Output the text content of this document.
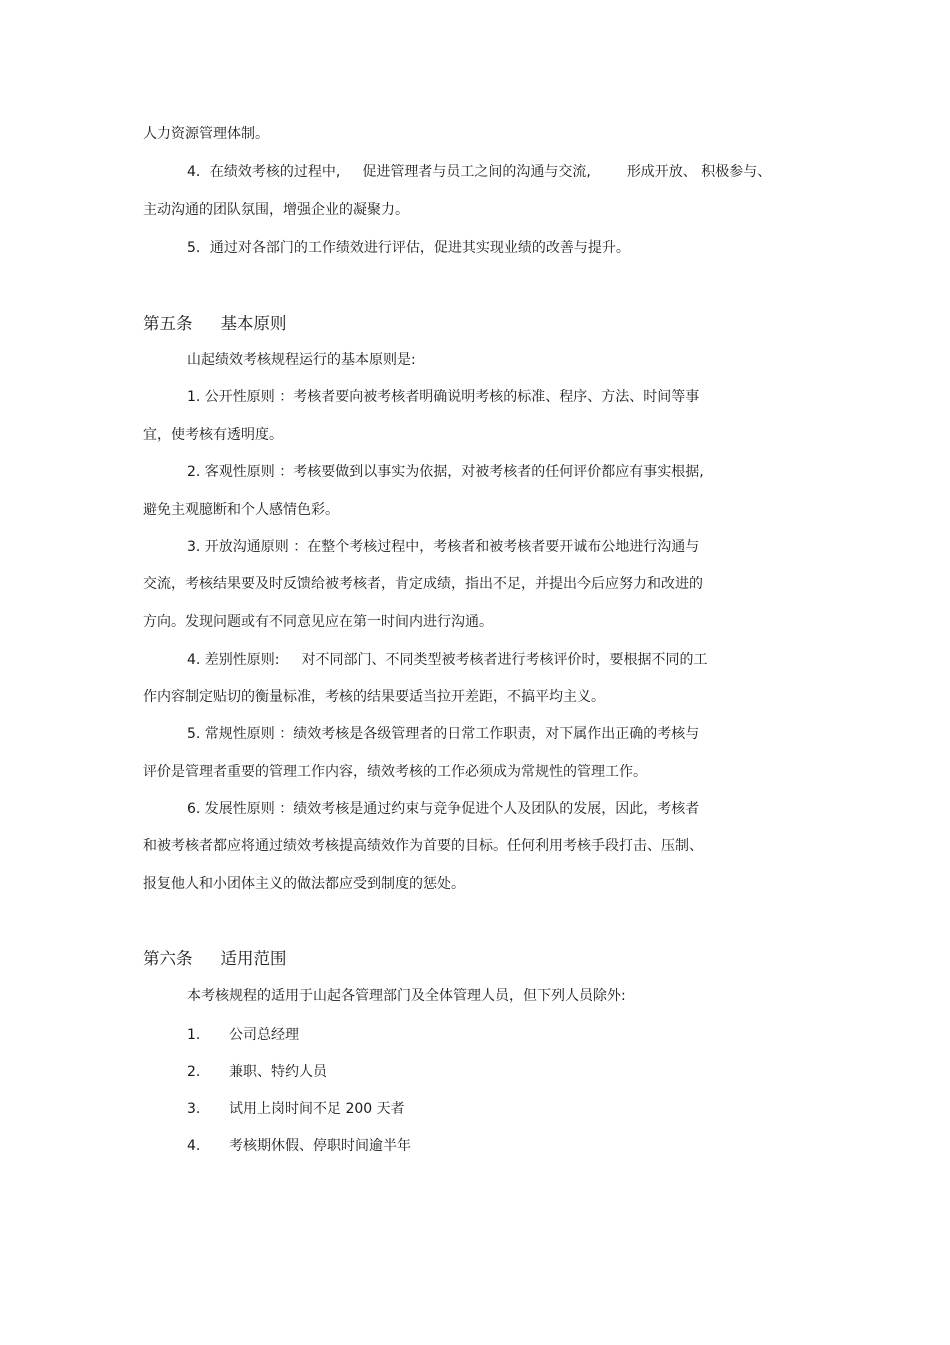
人力资源管理体制。
4．在绩效考核的过程中, 促进管理者与员工之间的沟通与交流,	形成开放、 积极参与、
主动沟通的团队氛围，增强企业的凝聚力。
5．通过对各部门的工作绩效进行评估，促进其实现业绩的改善与提升。
第五条 基本原则
山起绩效考核规程运行的基本原则是:
1. 公开性原则 ：考核者要向被考核者明确说明考核的标准、程序、方法、时间等事
宜，使考核有透明度。
2. 客观性原则 ：考核要做到以事实为依据，对被考核者的任何评价都应有事实根据,
避免主观臆断和个人感情色彩。
3. 开放沟通原则 ：在整个考核过程中，考核者和被考核者要开诚布公地进行沟通与
交流，考核结果要及时反馈给被考核者，肯定成绩，指出不足，并提出今后应努力和改进的
方向。发现问题或有不同意见应在第一时间内进行沟通。
4. 差别性原则: 对不同部门、不同类型被考核者进行考核评价时，要根据不同的工
作内容制定贴切的衡量标准，考核的结果要适当拉开差距，不搞平均主义。
5. 常规性原则 ：绩效考核是各级管理者的日常工作职责，对下属作出正确的考核与
评价是管理者重要的管理工作内容，绩效考核的工作必须成为常规性的管理工作。
6. 发展性原则 ：绩效考核是通过约束与竞争促进个人及团队的发展，因此，考核者
和被考核者都应将通过绩效考核提高绩效作为首要的目标。任何利用考核手段打击、压制、
报复他人和小团体主义的做法都应受到制度的惩处。
第六条 适用范围
本考核规程的适用于山起各管理部门及全体管理人员，但下列人员除外:
1. 公司总经理
2. 兼职、特约人员
3. 试用上岗时间不足 200 天者
4. 考核期休假、停职时间逾半年
